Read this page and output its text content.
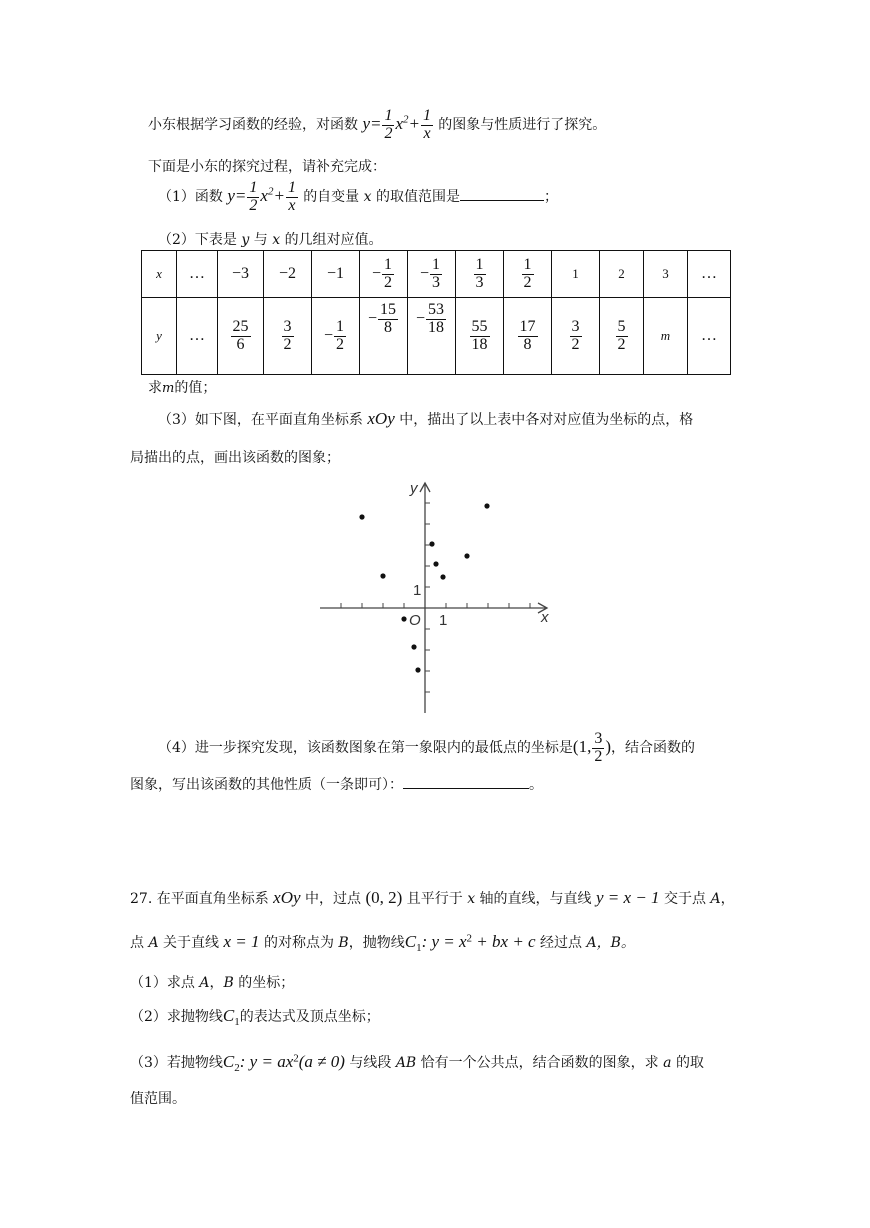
小东根据学习函数的经验，对函数 $y= \frac{1}{2} x^2+ \frac{1}{x}$ 的图象与性质进行了探究。
下面是小东的探究过程，请补充完成：
（1）函数 $y= \frac{1}{2} x^2+ \frac{1}{x}$ 的自变量 x 的取值范围是	；
（2）下表是 y 与 x 的几组对应值。
x	…	−3	−2	−1	− $\frac{1}{2}$	− $\frac{1}{3}$	$\frac{1}{3}$	$\frac{1}{2}$	1	2	3	…
y	…	$\frac{25}{6}$	$\frac{3}{2}$	− $\frac{1}{2}$	− $\frac{15}{8}$	− $\frac{53}{18}$	$\frac{55}{18}$	$\frac{17}{8}$	$\frac{3}{2}$	$\frac{5}{2}$	m	…
求m的值；
（3）如下图，在平面直角坐标系 xOy 中，描出了以上表中各对对应值为坐标的点，格
局描出的点，画出该函数的图象；
y
x
O 1
1
（4）进一步探究发现，该函数图象在第一象限内的最低点的坐标是(1, $\frac{3}{2}$ )，结合函数的
图象，写出该函数的其他性质（一条即可）：	。
27. 在平面直角坐标系 xOy 中，过点 (0, 2) 且平行于 x 轴的直线，与直线 y = x − 1 交于点 A，
点 A 关于直线 x = 1 的对称点为 B，抛物线$C_1$: $y = x^2$ + bx + c 经过点 A，B。
（1）求点 A，B 的坐标；
（2）求抛物线$C_1$的表达式及顶点坐标；
（3）若抛物线$C_2$: $y = ax^2(a \ne 0)$ 与线段 AB 恰有一个公共点，结合函数的图象，求 a 的取
值范围。
